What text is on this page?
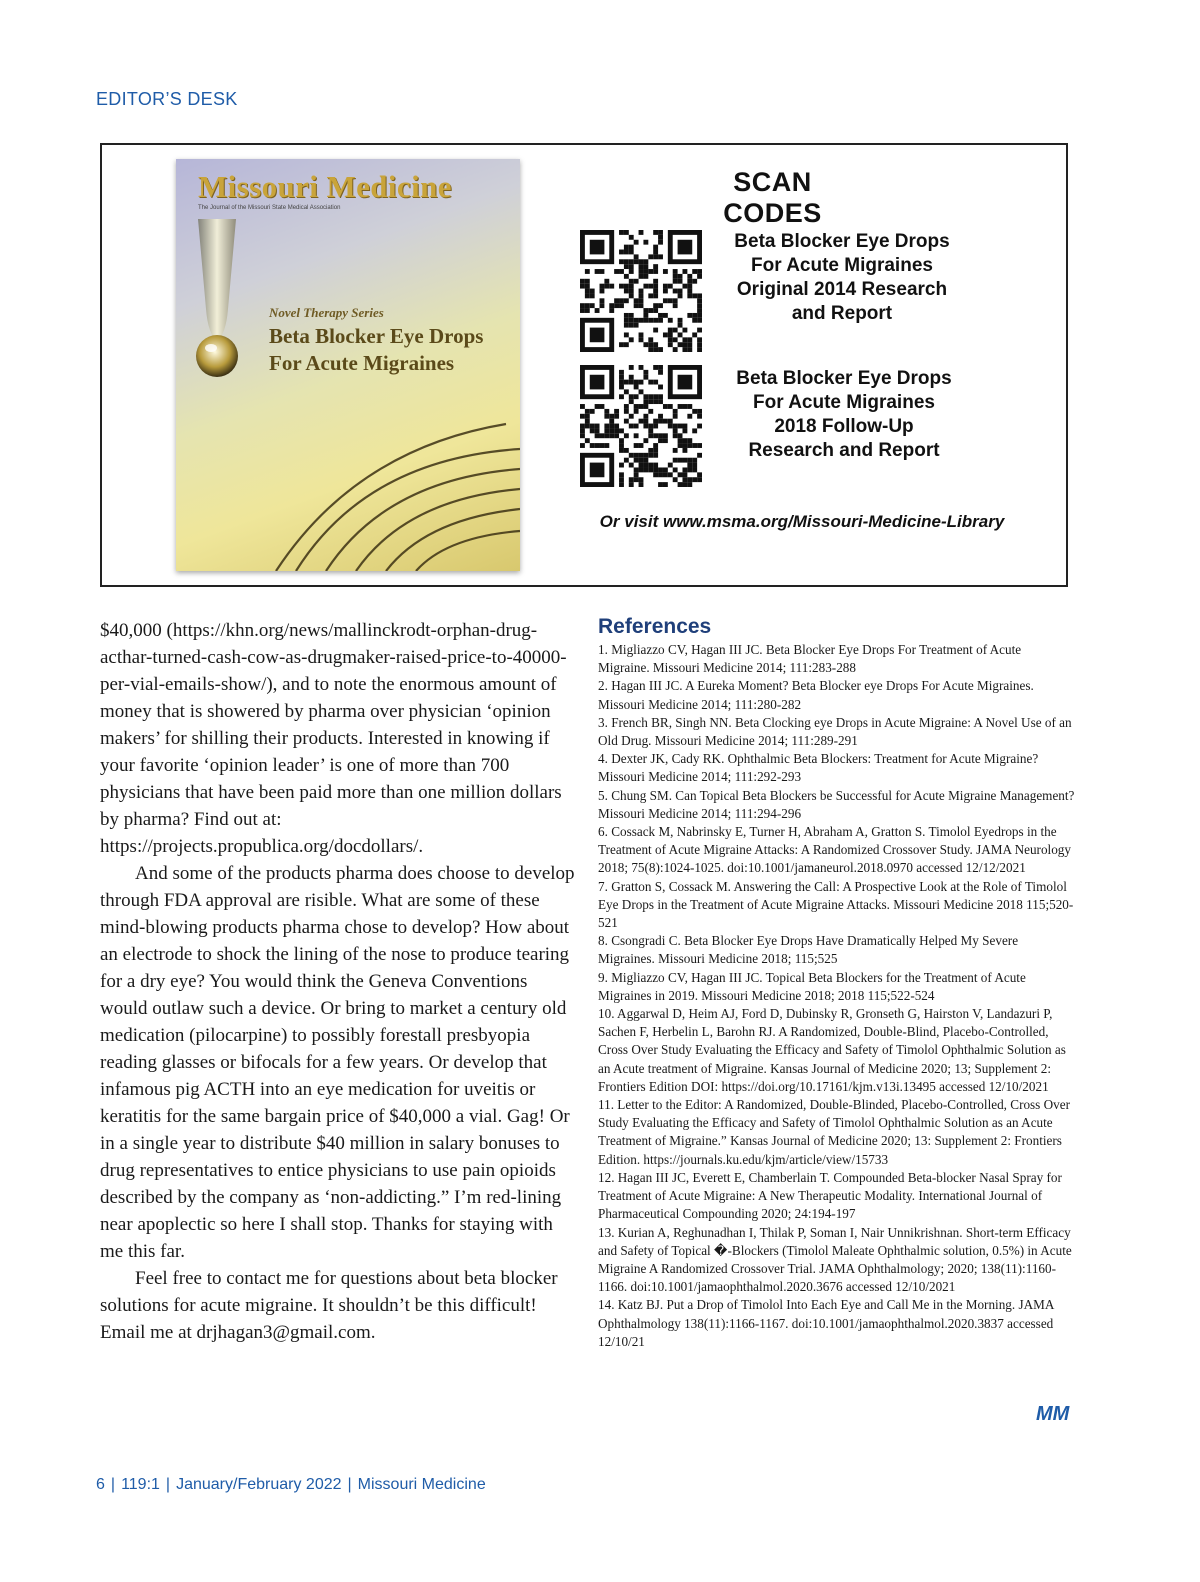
EDITOR’S DESK
Missouri Medicine
The Journal of the Missouri State Medical Association
Novel Therapy Series
Beta Blocker Eye Drops
For Acute Migraines
SCAN CODES
Beta Blocker Eye Drops
For Acute Migraines
Original 2014 Research
and Report
Beta Blocker Eye Drops
For Acute Migraines
2018 Follow-Up
Research and Report
Or visit www.msma.org/Missouri-Medicine-Library

$40,000 (https://khn.org/news/mallinckrodt-orphan-drug-acthar-turned-cash-cow-as-drugmaker-raised-price-to-40000-per-vial-emails-show/), and to note the enormous amount of money that is showered by pharma over physician ‘opinion makers’ for shilling their products. Interested in knowing if your favorite ‘opinion leader’ is one of more than 700 physicians that have been paid more than one million dollars by pharma? Find out at: https://projects.propublica.org/docdollars/.

And some of the products pharma does choose to develop through FDA approval are risible. What are some of these mind-blowing products pharma chose to develop? How about an electrode to shock the lining of the nose to produce tearing for a dry eye? You would think the Geneva Conventions would outlaw such a device. Or bring to market a century old medication (pilocarpine) to possibly forestall presbyopia reading glasses or bifocals for a few years. Or develop that infamous pig ACTH into an eye medication for uveitis or keratitis for the same bargain price of $40,000 a vial. Gag! Or in a single year to distribute $40 million in salary bonuses to drug representatives to entice physicians to use pain opioids described by the company as ‘non-addicting.” I’m red-lining near apoplectic so here I shall stop. Thanks for staying with me this far.

Feel free to contact me for questions about beta blocker solutions for acute migraine. It shouldn’t be this difficult! Email me at drjhagan3@gmail.com.

References

1. Migliazzo CV, Hagan III JC. Beta Blocker Eye Drops For Treatment of Acute Migraine. Missouri Medicine 2014; 111:283-288

2. Hagan III JC. A Eureka Moment? Beta Blocker eye Drops For Acute Migraines. Missouri Medicine 2014; 111:280-282

3. French BR, Singh NN. Beta Clocking eye Drops in Acute Migraine: A Novel Use of an Old Drug. Missouri Medicine 2014; 111:289-291

4. Dexter JK, Cady RK. Ophthalmic Beta Blockers: Treatment for Acute Migraine? Missouri Medicine 2014; 111:292-293

5. Chung SM. Can Topical Beta Blockers be Successful for Acute Migraine Management? Missouri Medicine 2014; 111:294-296

6. Cossack M, Nabrinsky E, Turner H, Abraham A, Gratton S. Timolol Eyedrops in the Treatment of Acute Migraine Attacks: A Randomized Crossover Study. JAMA Neurology 2018; 75(8):1024-1025. doi:10.1001/jamaneurol.2018.0970 accessed 12/12/2021

7. Gratton S, Cossack M. Answering the Call: A Prospective Look at the Role of Timolol Eye Drops in the Treatment of Acute Migraine Attacks. Missouri Medicine 2018 115;520-521

8. Csongradi C. Beta Blocker Eye Drops Have Dramatically Helped My Severe Migraines. Missouri Medicine 2018; 115;525

9. Migliazzo CV, Hagan III JC. Topical Beta Blockers for the Treatment of Acute Migraines in 2019. Missouri Medicine 2018; 2018 115;522-524

10. Aggarwal D, Heim AJ, Ford D, Dubinsky R, Gronseth G, Hairston V, Landazuri P, Sachen F, Herbelin L, Barohn RJ. A Randomized, Double-Blind, Placebo-Controlled, Cross Over Study Evaluating the Efficacy and Safety of Timolol Ophthalmic Solution as an Acute treatment of Migraine. Kansas Journal of Medicine 2020; 13; Supplement 2: Frontiers Edition DOI: https://doi.org/10.17161/kjm.v13i.13495 accessed 12/10/2021

11. Letter to the Editor: A Randomized, Double-Blinded, Placebo-Controlled, Cross Over Study Evaluating the Efficacy and Safety of Timolol Ophthalmic Solution as an Acute Treatment of Migraine.” Kansas Journal of Medicine 2020; 13: Supplement 2: Frontiers Edition. https://journals.ku.edu/kjm/article/view/15733

12. Hagan III JC, Everett E, Chamberlain T. Compounded Beta-blocker Nasal Spray for Treatment of Acute Migraine: A New Therapeutic Modality. International Journal of Pharmaceutical Compounding 2020; 24:194-197

13. Kurian A, Reghunadhan I, Thilak P, Soman I, Nair Unnikrishnan. Short-term Efficacy and Safety of Topical �-Blockers (Timolol Maleate Ophthalmic solution, 0.5%) in Acute Migraine A Randomized Crossover Trial. JAMA Ophthalmology; 2020; 138(11):1160-1166. doi:10.1001/jamaophthalmol.2020.3676 accessed 12/10/2021

14. Katz BJ. Put a Drop of Timolol Into Each Eye and Call Me in the Morning. JAMA Ophthalmology 138(11):1166-1167. doi:10.1001/jamaophthalmol.2020.3837 accessed 12/10/21

MM
6 | 119:1 | January/February 2022 | Missouri Medicine
